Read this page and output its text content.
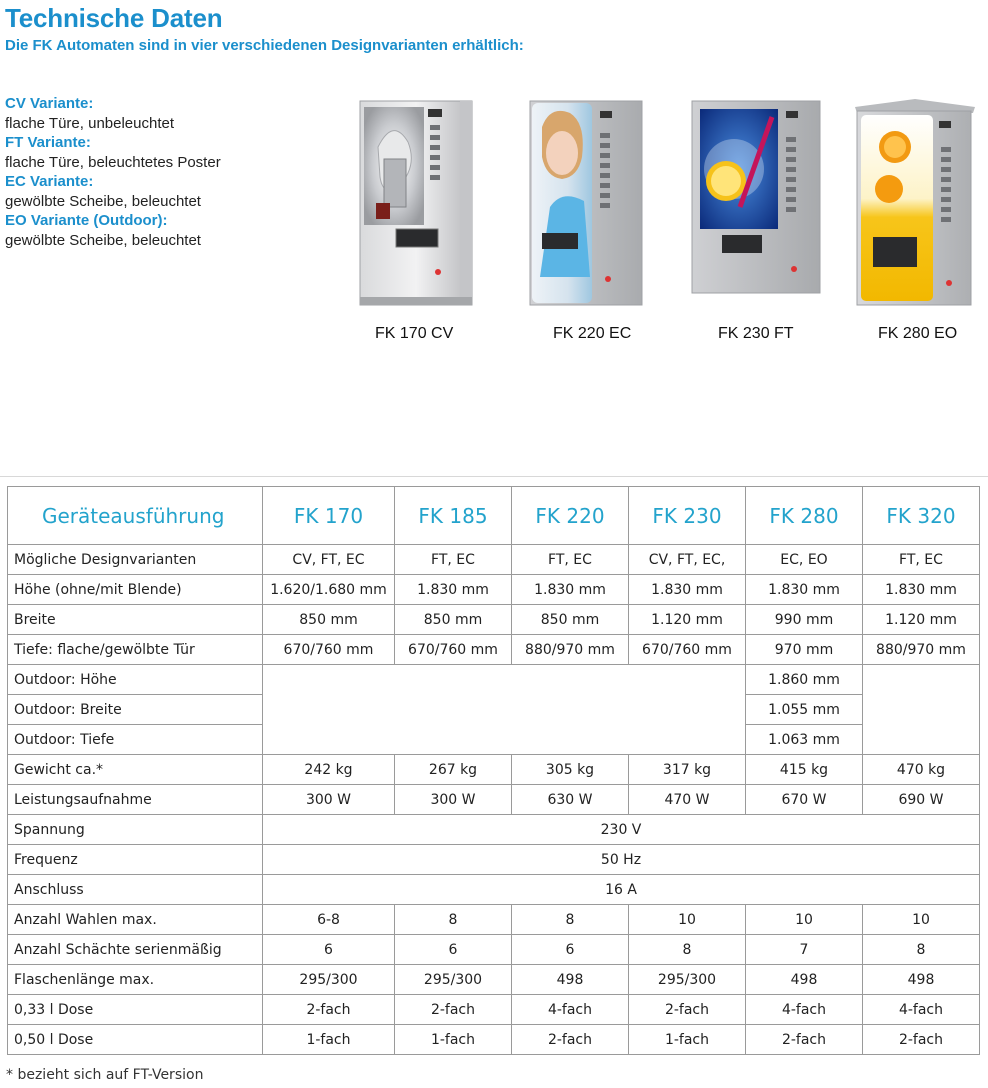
Technische Daten
Die FK Automaten sind in vier verschiedenen Designvarianten erhältlich:
CV Variante:
flache Türe, unbeleuchtet
FT Variante:
flache Türe, beleuchtetes Poster
EC Variante:
gewölbte Scheibe, beleuchtet
EO Variante (Outdoor):
gewölbte Scheibe, beleuchtet
FK 170 CV	FK 220 EC	FK 230 FT	FK 280 EO
Geräteausführung	FK 170	FK 185	FK 220	FK 230	FK 280	FK 320
Mögliche Designvarianten	CV, FT, EC	FT, EC	FT, EC	CV, FT, EC,	EC, EO	FT, EC
Höhe (ohne/mit Blende)	1.620/1.680 mm	1.830 mm	1.830 mm	1.830 mm	1.830 mm	1.830 mm
Breite	850 mm	850 mm	850 mm	1.120 mm	990 mm	1.120 mm
Tiefe: flache/gewölbte Tür	670/760 mm	670/760 mm	880/970 mm	670/760 mm	970 mm	880/970 mm
Outdoor: Höhe					1.860 mm	
Outdoor: Breite					1.055 mm	
Outdoor: Tiefe					1.063 mm	
Gewicht ca.*	242 kg	267 kg	305 kg	317 kg	415 kg	470 kg
Leistungsaufnahme	300 W	300 W	630 W	470 W	670 W	690 W
Spannung	230 V					
Frequenz	50 Hz					
Anschluss	16 A					
Anzahl Wahlen max.	6-8	8	8	10	10	10
Anzahl Schächte serienmäßig	6	6	6	8	7	8
Flaschenlänge max.	295/300	295/300	498	295/300	498	498
0,33 l Dose	2-fach	2-fach	4-fach	2-fach	4-fach	4-fach
0,50 l Dose	1-fach	1-fach	2-fach	1-fach	2-fach	2-fach
* bezieht sich auf FT-Version
